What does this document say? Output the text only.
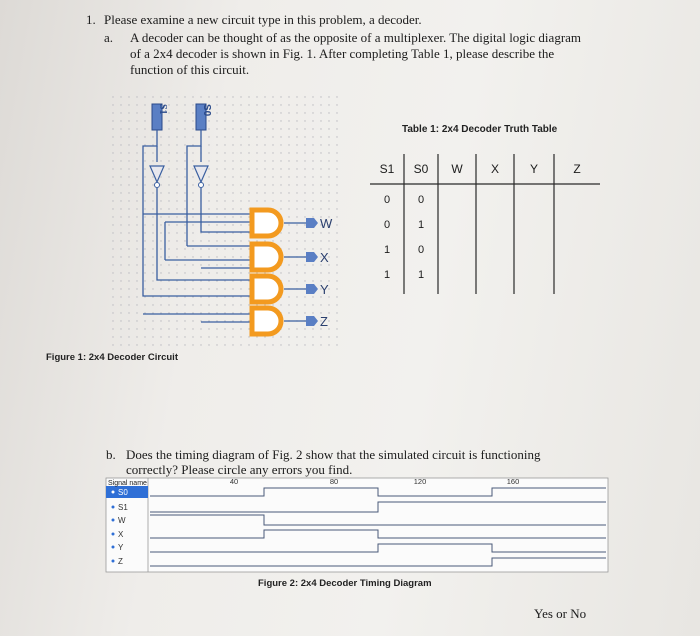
1. Please examine a new circuit type in this problem, a decoder.
a. A decoder can be thought of as the opposite of a multiplexer. The digital logic diagram
of a 2x4 decoder is shown in Fig. 1. After completing Table 1, please describe the
function of this circuit.
S1	S0
W
X
Y
Z
Figure 1: 2x4 Decoder Circuit
Table 1: 2x4 Decoder Truth Table
S1 S0 W X	Y	Z
0	0
0	1
1	0
1	1
b. Does the timing diagram of Fig. 2 show that the simulated circuit is functioning
correctly? Please circle any errors you find.
Signal name	40	80	120	160
S0
S1
W
X
Y
Z
Figure 2: 2x4 Decoder Timing Diagram
Yes or No
